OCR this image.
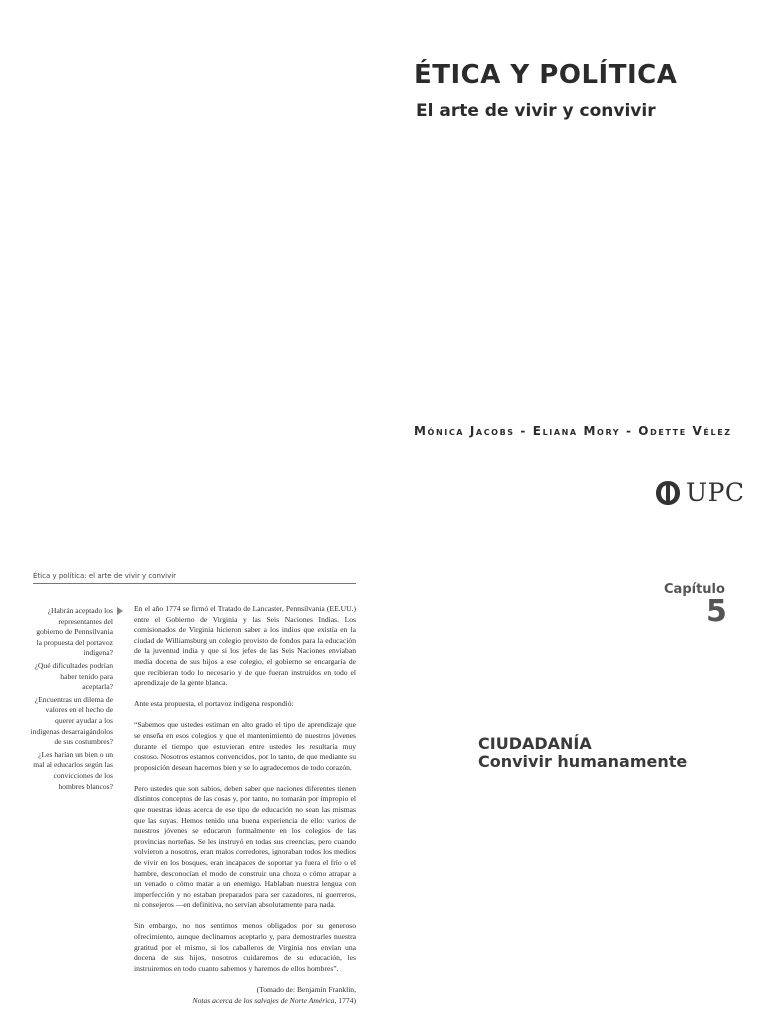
ÉTICA Y POLÍTICA
El arte de vivir y convivir
Mónica Jacobs - Eliana Mory - Odette Vélez
UPC
Ética y política: el arte de vivir y convivir
Capítulo
5
CIUDADANÍA
Convivir humanamente

¿Habrán aceptado los representantes del gobierno de Pennsilvania la propuesta del portavoz indígena?

¿Qué dificultades podrían haber tenido para aceptarla?

¿Encuentras un dilema de valores en el hecho de querer ayudar a los indígenas desarraigándolos de sus costumbres?

¿Les harían un bien o un mal al educarlos según las convicciones de los hombres blancos?

En el año 1774 se firmó el Tratado de Lancaster, Pennsilvania (EE.UU.) entre el Gobierno de Virginia y las Seis Naciones Indias. Los comisionados de Virginia hicieron saber a los indios que existía en la ciudad de Williamsburg un colegio provisto de fondos para la educación de la juventud india y que si los jefes de las Seis Naciones enviaban media docena de sus hijos a ese colegio, el gobierno se encargaría de que recibieran todo lo necesario y de que fueran instruidos en todo el aprendizaje de la gente blanca.

Ante esta propuesta, el portavoz indígena respondió:

“Sabemos que ustedes estiman en alto grado el tipo de aprendizaje que se enseña en esos colegios y que el mantenimiento de nuestros jóvenes durante el tiempo que estuvieran entre ustedes les resultaría muy costoso. Nosotros estamos convencidos, por lo tanto, de que mediante su proposición desean hacernos bien y se lo agradecemos de todo corazón.

Pero ustedes que son sabios, deben saber que naciones diferentes tienen distintos conceptos de las cosas y, por tanto, no tomarán por impropio el que nuestras ideas acerca de ese tipo de educación no sean las mismas que las suyas. Hemos tenido una buena experiencia de ello: varios de nuestros jóvenes se educaron formalmente en los colegios de las provincias norteñas. Se les instruyó en todas sus creencias, pero cuando volvieron a nosotros, eran malos corredores, ignoraban todos los medios de vivir en los bosques, eran incapaces de soportar ya fuera el frío o el hambre, desconocían el modo de construir una choza o cómo atrapar a un venado o cómo matar a un enemigo. Hablaban nuestra lengua con imperfección y no estaban preparados para ser cazadores, ni guerreros, ni consejeros —en definitiva, no servían absolutamente para nada.

Sin embargo, no nos sentimos menos obligados por su generoso ofrecimiento, aunque declinamos aceptarlo y, para demostrarles nuestra gratitud por el mismo, si los caballeros de Virginia nos envían una docena de sus hijos, nosotros cuidaremos de su educación, les instruiremos en todo cuanto sabemos y haremos de ellos hombres”.

(Tomado de: Benjamín Franklin,
Notas acerca de los salvajes de Norte América, 1774)
